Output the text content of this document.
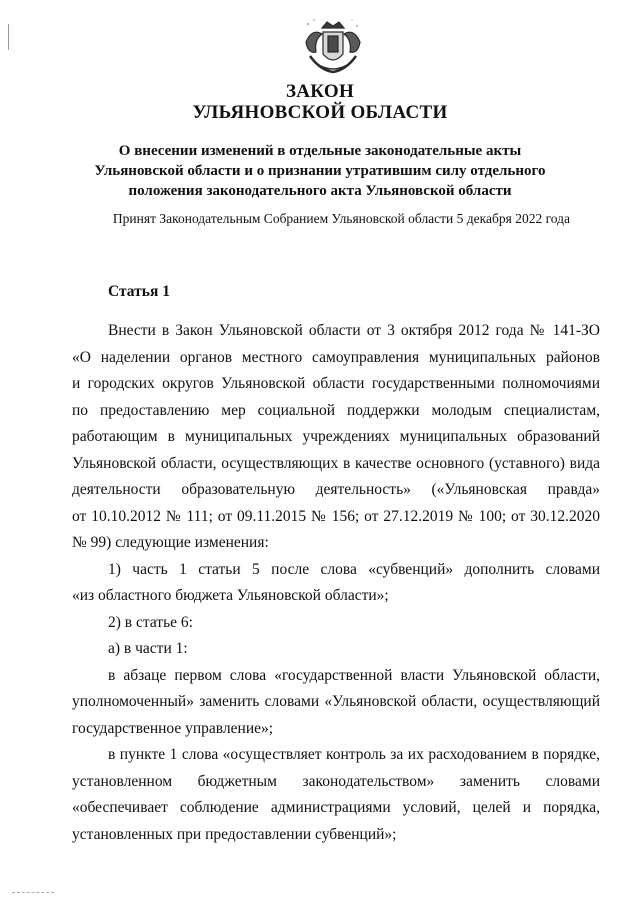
ЗАКОН
УЛЬЯНОВСКОЙ ОБЛАСТИ
О внесении изменений в отдельные законодательные акты
Ульяновской области и о признании утратившим силу отдельного
положения законодательного акта Ульяновской области
Принят Законодательным Собранием Ульяновской области 5 декабря 2022 года
Статья 1
Внести в Закон Ульяновской области от 3 октября 2012 года № 141-ЗО
«О наделении органов местного самоуправления муниципальных районов
и городских округов Ульяновской области государственными полномочиями
по предоставлению мер социальной поддержки молодым специалистам,
работающим в муниципальных учреждениях муниципальных образований
Ульяновской области, осуществляющих в качестве основного (уставного) вида
деятельности образовательную деятельность» («Ульяновская правда»
от 10.10.2012 № 111; от 09.11.2015 № 156; от 27.12.2019 № 100; от 30.12.2020
№ 99) следующие изменения:
1) часть 1 статьи 5 после слова «субвенций» дополнить словами
«из областного бюджета Ульяновской области»;
2) в статье 6:
а) в части 1:
в абзаце первом слова «государственной власти Ульяновской области,
уполномоченный» заменить словами «Ульяновской области, осуществляющий
государственное управление»;
в пункте 1 слова «осуществляет контроль за их расходованием в порядке,
установленном бюджетным законодательством» заменить словами
«обеспечивает соблюдение администрациями условий, целей и порядка,
установленных при предоставлении субвенций»;
